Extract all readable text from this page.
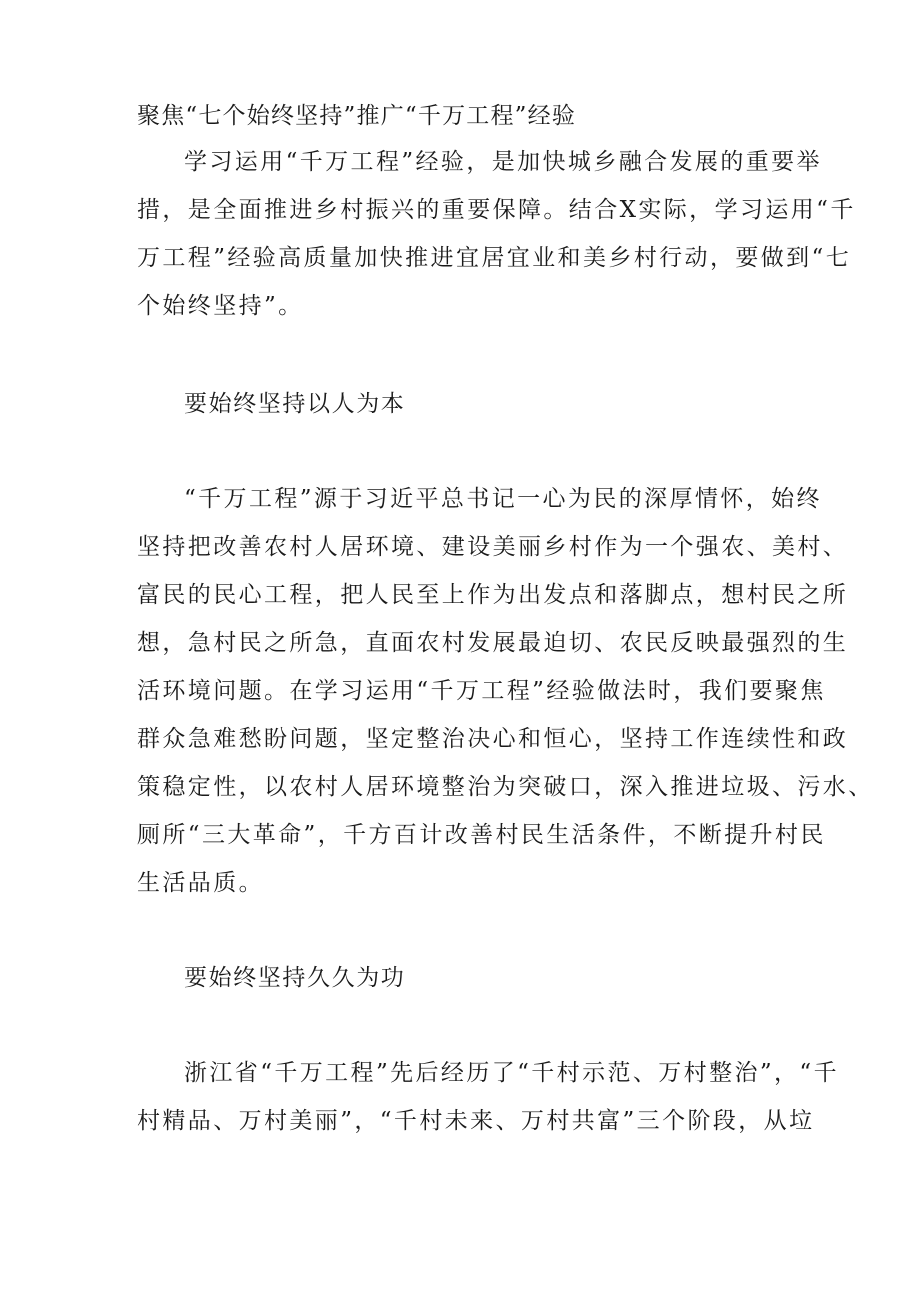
聚焦“七个始终坚持”推广“千万工程”经验
学习运用“千万工程”经验，是加快城乡融合发展的重要举
措，是全面推进乡村振兴的重要保障。结合X实际，学习运用“千
万工程”经验高质量加快推进宜居宜业和美乡村行动，要做到“七
个始终坚持”。
要始终坚持以人为本
“千万工程”源于习近平总书记一心为民的深厚情怀，始终
坚持把改善农村人居环境、建设美丽乡村作为一个强农、美村、
富民的民心工程，把人民至上作为出发点和落脚点，想村民之所
想，急村民之所急，直面农村发展最迫切、农民反映最强烈的生
活环境问题。在学习运用“千万工程”经验做法时，我们要聚焦
群众急难愁盼问题，坚定整治决心和恒心，坚持工作连续性和政
策稳定性，以农村人居环境整治为突破口，深入推进垃圾、污水、
厕所“三大革命”，千方百计改善村民生活条件，不断提升村民
生活品质。
要始终坚持久久为功
浙江省“千万工程”先后经历了“千村示范、万村整治”，“千
村精品、万村美丽”，“千村未来、万村共富”三个阶段，从垃
